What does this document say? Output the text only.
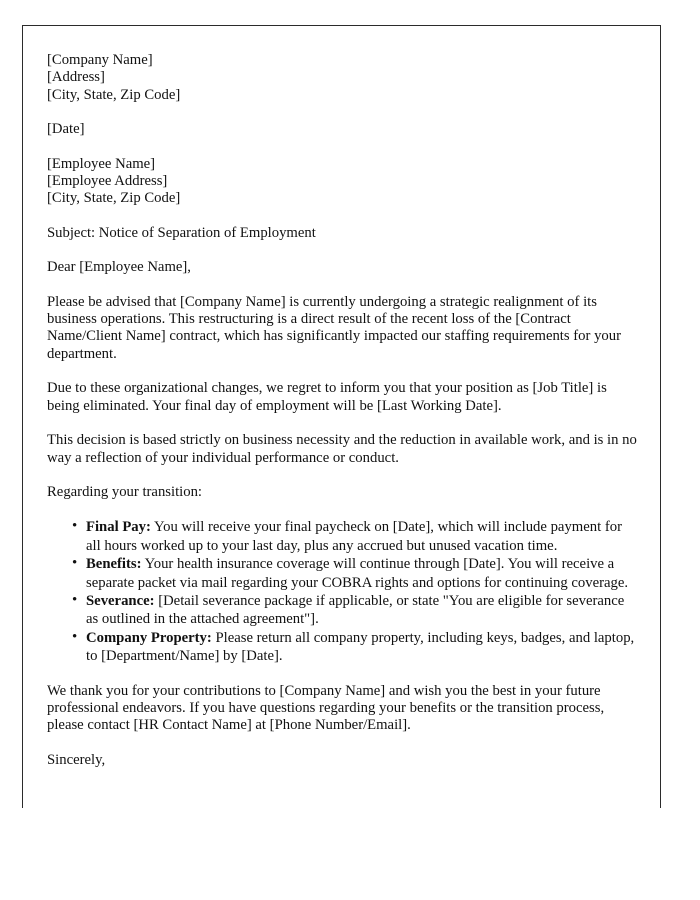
[Company Name]
[Address]
[City, State, Zip Code]
[Date]
[Employee Name]
[Employee Address]
[City, State, Zip Code]
Subject: Notice of Separation of Employment
Dear [Employee Name],

Please be advised that [Company Name] is currently undergoing a strategic realignment of its business operations. This restructuring is a direct result of the recent loss of the [Contract Name/Client Name] contract, which has significantly impacted our staffing requirements for your department.

Due to these organizational changes, we regret to inform you that your position as [Job Title] is being eliminated. Your final day of employment will be [Last Working Date].

This decision is based strictly on business necessity and the reduction in available work, and is in no way a reflection of your individual performance or conduct.

Regarding your transition:
• Final Pay: You will receive your final paycheck on [Date], which will include payment for all hours worked up to your last day, plus any accrued but unused vacation time.
• Benefits: Your health insurance coverage will continue through [Date]. You will receive a separate packet via mail regarding your COBRA rights and options for continuing coverage.
• Severance: [Detail severance package if applicable, or state "You are eligible for severance as outlined in the attached agreement"].
• Company Property: Please return all company property, including keys, badges, and laptop, to [Department/Name] by [Date].

We thank you for your contributions to [Company Name] and wish you the best in your future professional endeavors. If you have questions regarding your benefits or the transition process, please contact [HR Contact Name] at [Phone Number/Email].

Sincerely,
